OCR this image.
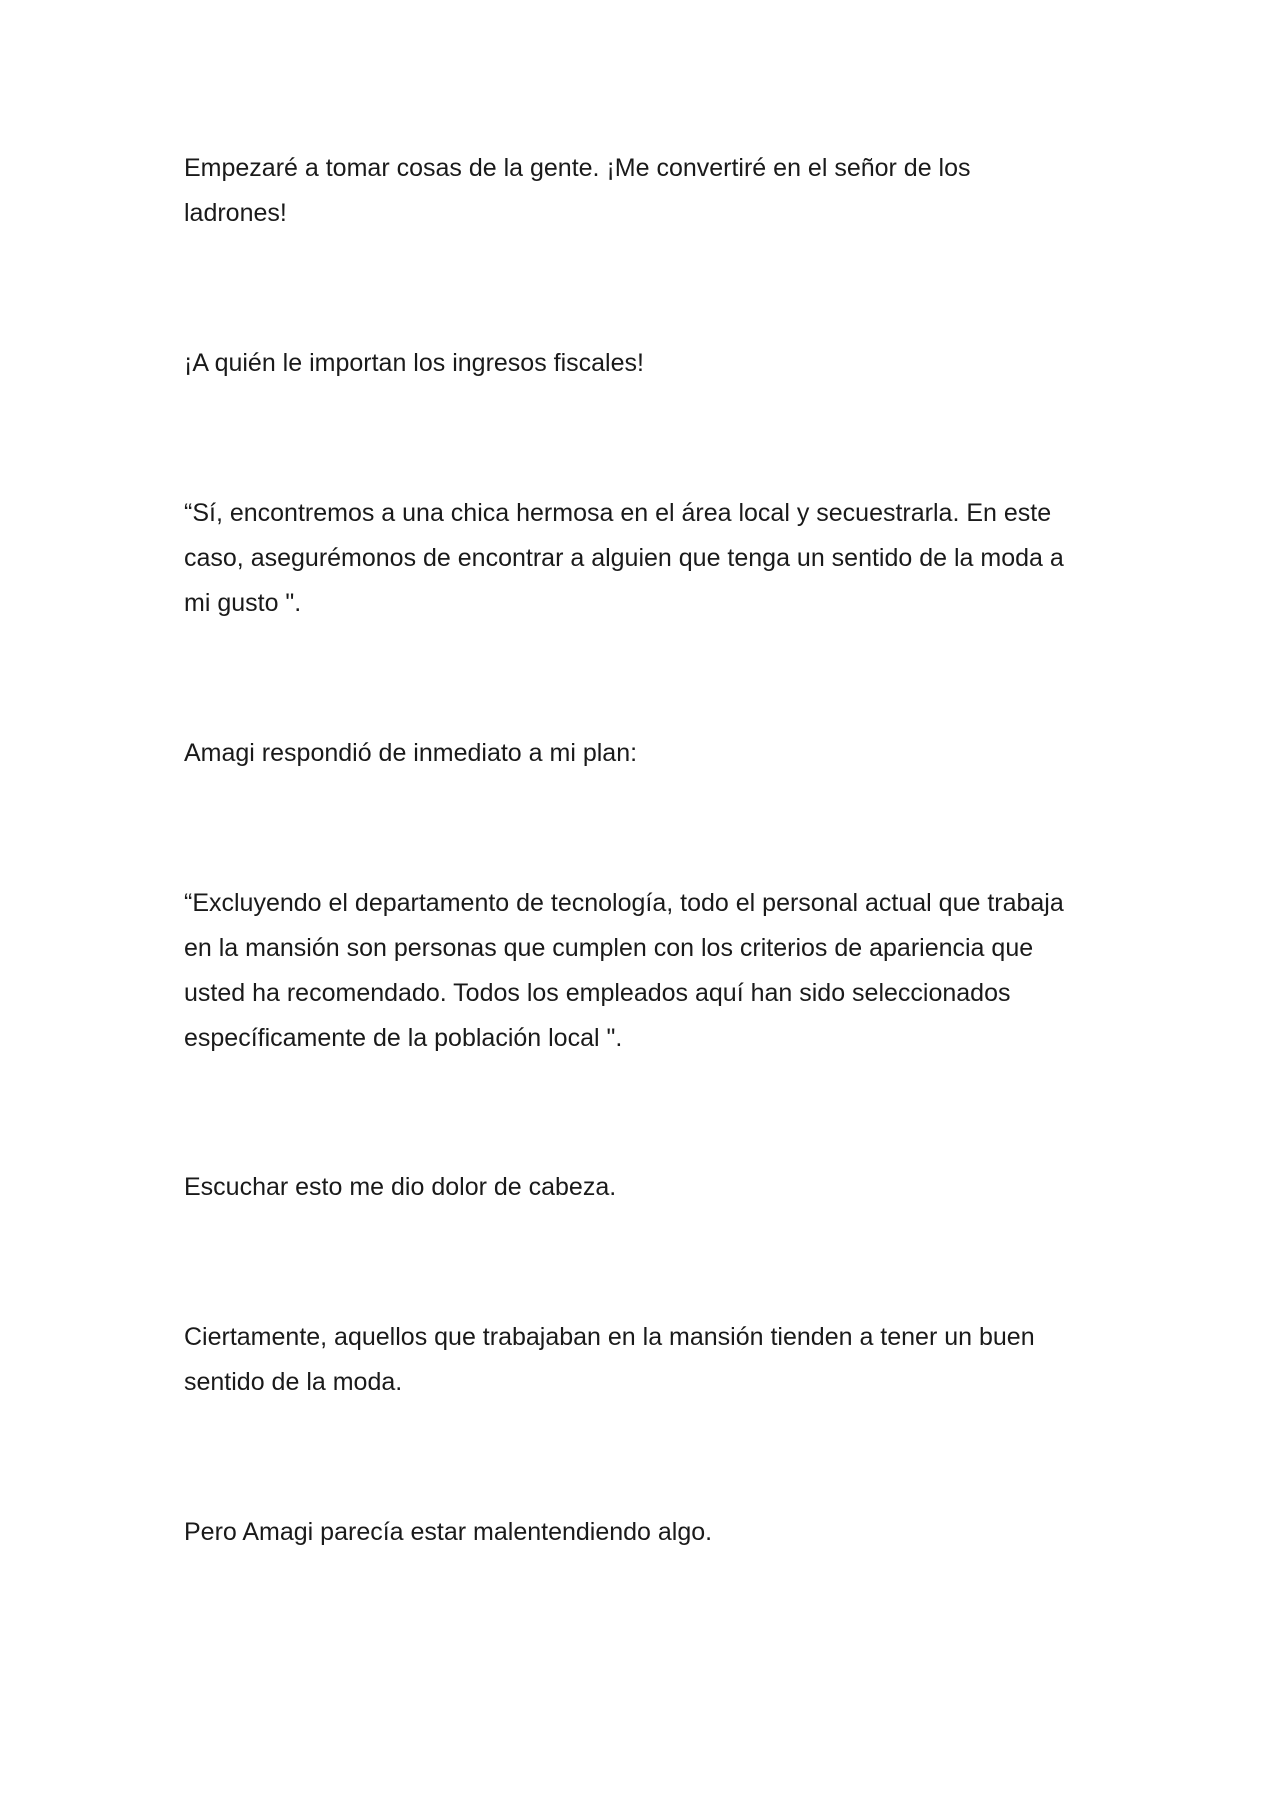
Empezaré a tomar cosas de la gente. ¡Me convertiré en el señor de los
ladrones!

¡A quién le importan los ingresos fiscales!

“Sí, encontremos a una chica hermosa en el área local y secuestrarla. En este
caso, asegurémonos de encontrar a alguien que tenga un sentido de la moda a
mi gusto ".

Amagi respondió de inmediato a mi plan:

“Excluyendo el departamento de tecnología, todo el personal actual que trabaja
en la mansión son personas que cumplen con los criterios de apariencia que
usted ha recomendado. Todos los empleados aquí han sido seleccionados
específicamente de la población local ".

Escuchar esto me dio dolor de cabeza.

Ciertamente, aquellos que trabajaban en la mansión tienden a tener un buen
sentido de la moda.

Pero Amagi parecía estar malentendiendo algo.
